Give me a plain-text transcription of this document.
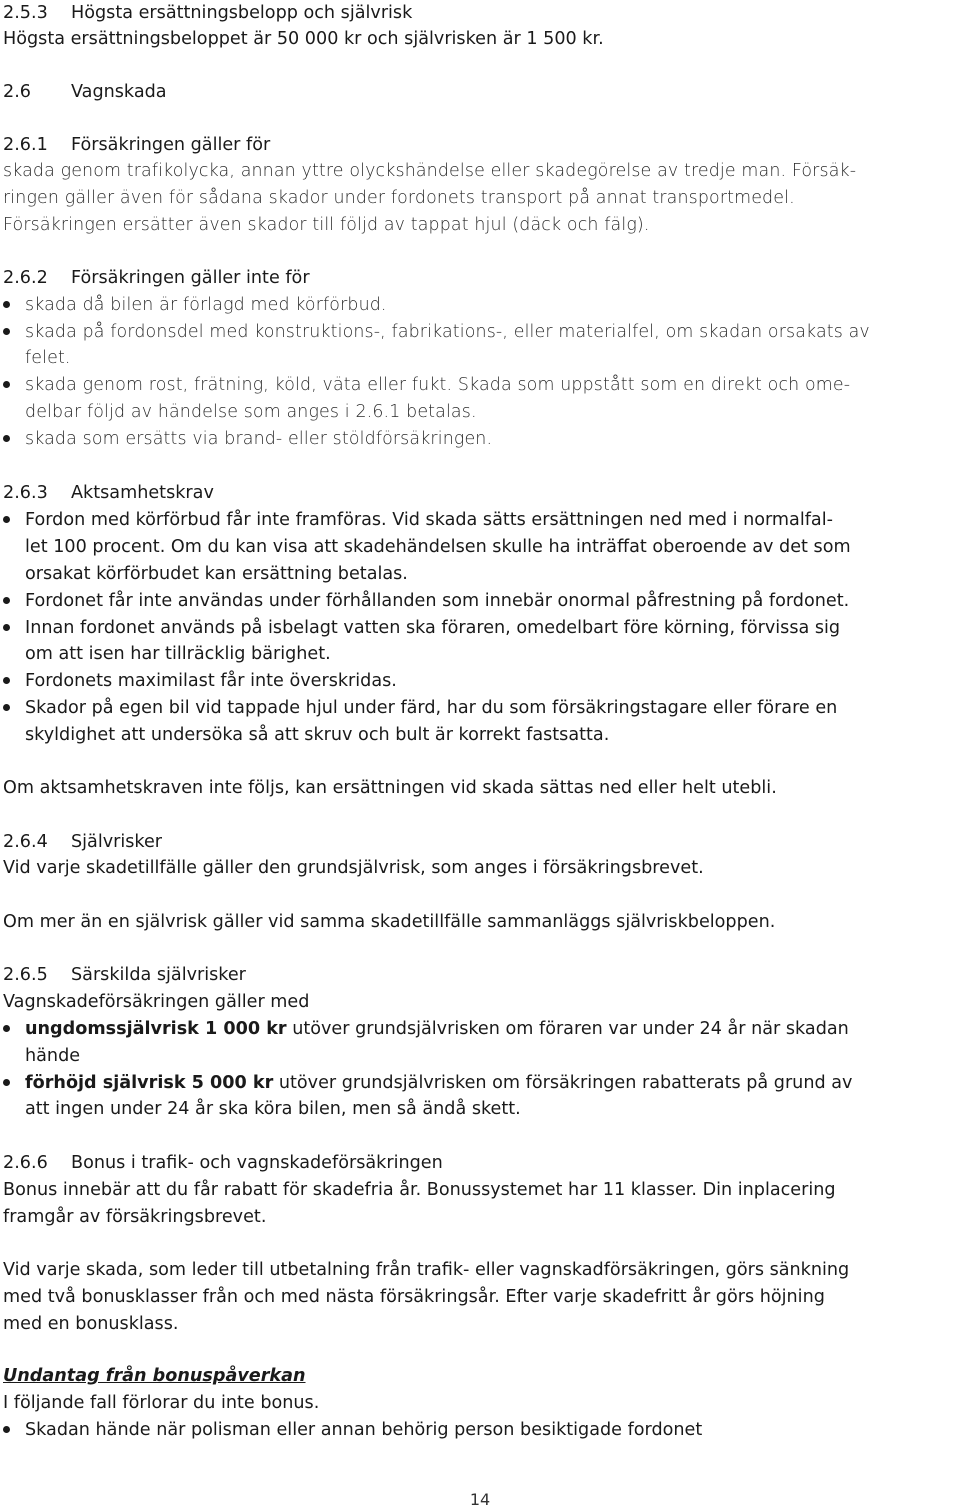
2.5.3 Högsta ersättningsbelopp och självrisk
Högsta ersättningsbeloppet är 50 000 kr och självrisken är 1 500 kr.
2.6 Vagnskada
2.6.1 Försäkringen gäller för
skada genom trafikolycka, annan yttre olyckshändelse eller skadegörelse av tredje man. Försäk-
ringen gäller även för sådana skador under fordonets transport på annat transportmedel.
Försäkringen ersätter även skador till följd av tappat hjul (däck och fälg).
2.6.2 Försäkringen gäller inte för
skada då bilen är förlagd med körförbud.
skada på fordonsdel med konstruktions-, fabrikations-, eller materialfel, om skadan orsakats av
felet.
skada genom rost, frätning, köld, väta eller fukt. Skada som uppstått som en direkt och ome-
delbar följd av händelse som anges i 2.6.1 betalas.
skada som ersätts via brand- eller stöldförsäkringen.
2.6.3 Aktsamhetskrav
Fordon med körförbud får inte framföras. Vid skada sätts ersättningen ned med i normalfal-
let 100 procent. Om du kan visa att skadehändelsen skulle ha inträffat oberoende av det som
orsakat körförbudet kan ersättning betalas.
Fordonet får inte användas under förhållanden som innebär onormal påfrestning på fordonet.
Innan fordonet används på isbelagt vatten ska föraren, omedelbart före körning, förvissa sig
om att isen har tillräcklig bärighet.
Fordonets maximilast får inte överskridas.
Skador på egen bil vid tappade hjul under färd, har du som försäkringstagare eller förare en
skyldighet att undersöka så att skruv och bult är korrekt fastsatta.
Om aktsamhetskraven inte följs, kan ersättningen vid skada sättas ned eller helt utebli.
2.6.4 Självrisker
Vid varje skadetillfälle gäller den grundsjälvrisk, som anges i försäkringsbrevet.
Om mer än en självrisk gäller vid samma skadetillfälle sammanläggs självriskbeloppen.
2.6.5 Särskilda självrisker
Vagnskadeförsäkringen gäller med
ungdomssjälvrisk 1 000 kr utöver grundsjälvrisken om föraren var under 24 år när skadan
hände
förhöjd självrisk 5 000 kr utöver grundsjälvrisken om försäkringen rabatterats på grund av
att ingen under 24 år ska köra bilen, men så ändå skett.
2.6.6 Bonus i trafik- och vagnskadeförsäkringen
Bonus innebär att du får rabatt för skadefria år. Bonussystemet har 11 klasser. Din inplacering
framgår av försäkringsbrevet.
Vid varje skada, som leder till utbetalning från trafik- eller vagnskadförsäkringen, görs sänkning
med två bonusklasser från och med nästa försäkringsår. Efter varje skadefritt år görs höjning
med en bonusklass.
Undantag från bonuspåverkan
I följande fall förlorar du inte bonus.
Skadan hände när polisman eller annan behörig person besiktigade fordonet
14
